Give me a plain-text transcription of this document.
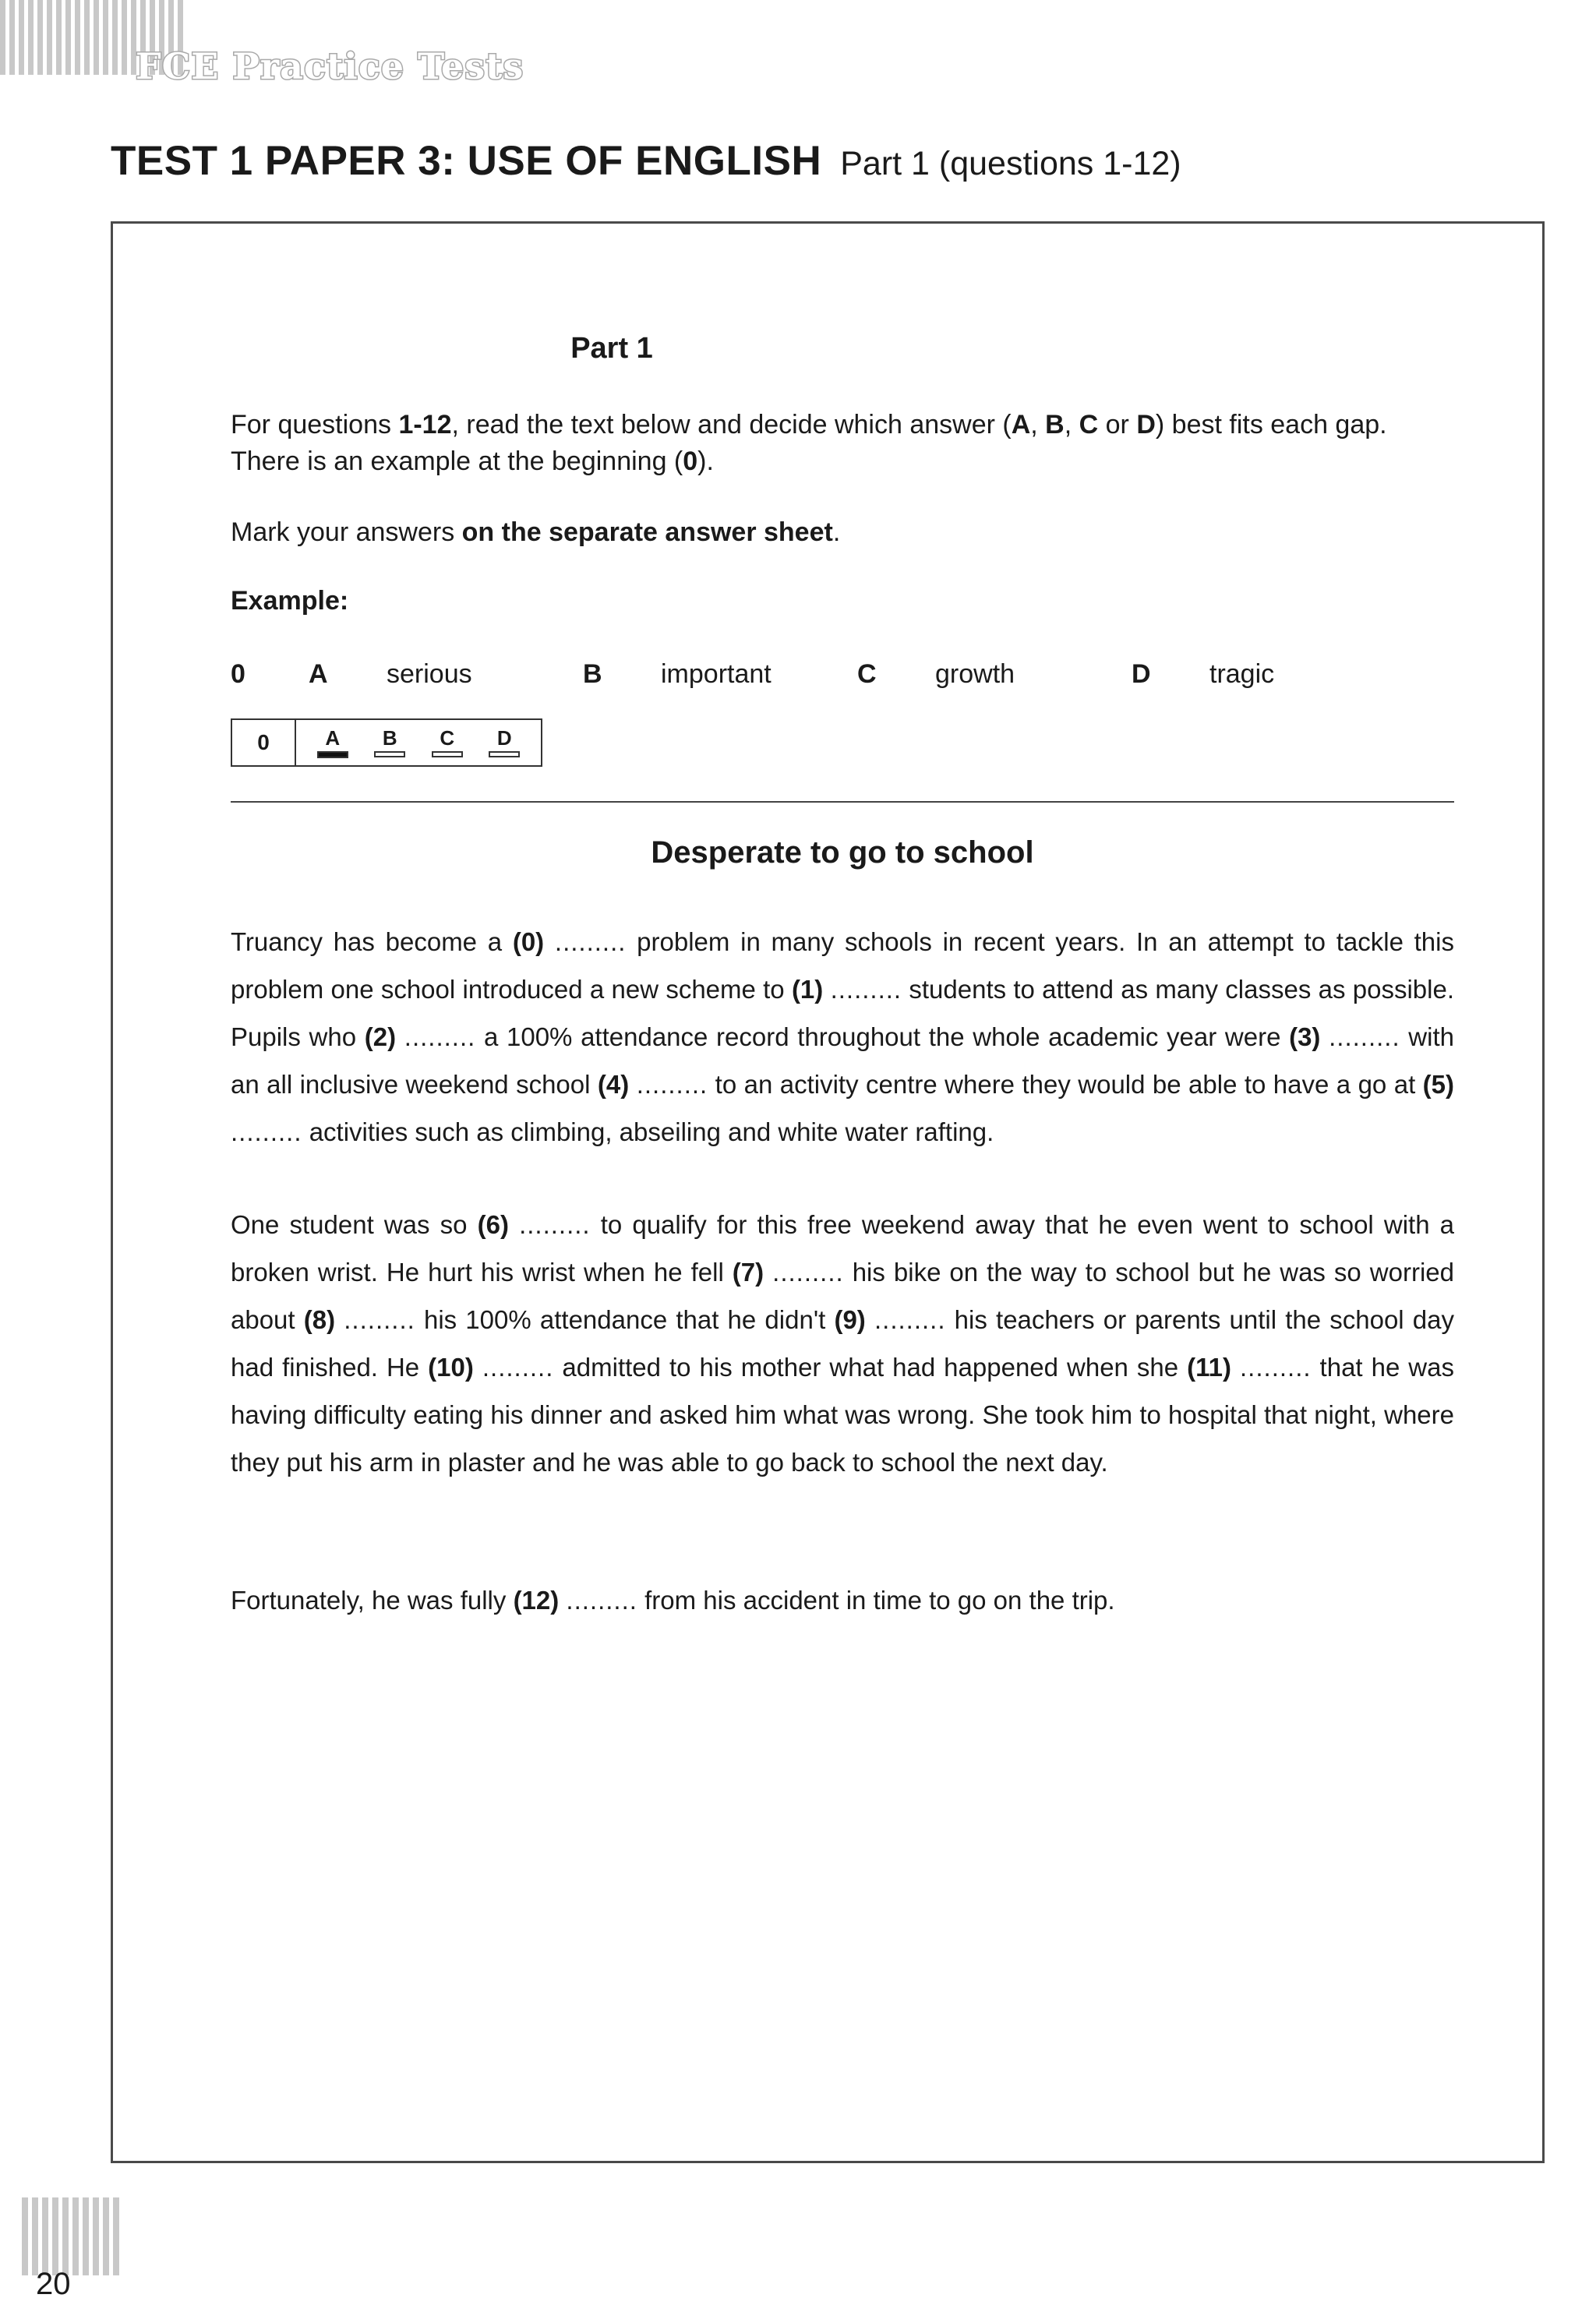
FCE Practice Tests
TEST 1 PAPER 3: USE OF ENGLISH Part 1 (questions 1-12)
Part 1

For questions 1-12, read the text below and decide which answer (A, B, C or D) best fits each gap. There is an example at the beginning (0).

Mark your answers on the separate answer sheet.

Example:
0 A serious	B important	C growth	D tragic
0	A B C D
Desperate to go to school

Truancy has become a (0) ......... problem in many schools in recent years. In an attempt to tackle this problem one school introduced a new scheme to (1) ......... students to attend as many classes as possible. Pupils who (2) ......... a 100% attendance record throughout the whole academic year were (3) ......... with an all inclusive weekend school (4) ......... to an activity centre where they would be able to have a go at (5) ......... activities such as climbing, abseiling and white water rafting.

One student was so (6) ......... to qualify for this free weekend away that he even went to school with a broken wrist. He hurt his wrist when he fell (7) ......... his bike on the way to school but he was so worried about (8) ......... his 100% attendance that he didn't (9) ......... his teachers or parents until the school day had finished. He (10) ......... admitted to his mother what had happened when she (11) ......... that he was having difficulty eating his dinner and asked him what was wrong. She took him to hospital that night, where they put his arm in plaster and he was able to go back to school the next day.

Fortunately, he was fully (12) ......... from his accident in time to go on the trip.

20
